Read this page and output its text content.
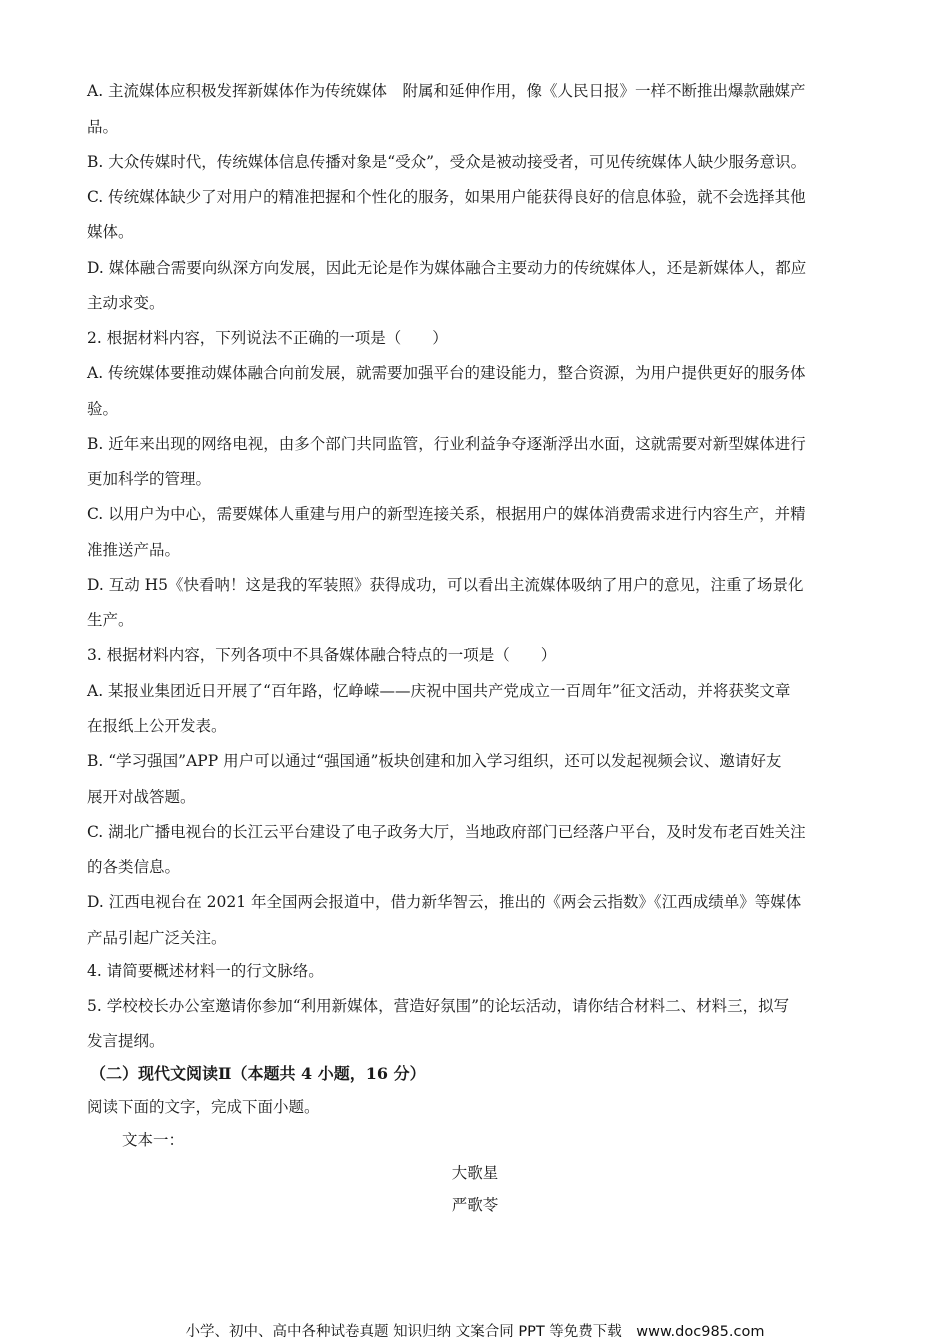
A. 主流媒体应积极发挥新媒体作为传统媒体　附属和延伸作用，像《人民日报》一样不断推出爆款融媒产
品。
B. 大众传媒时代，传统媒体信息传播对象是“受众”，受众是被动接受者，可见传统媒体人缺少服务意识。
C. 传统媒体缺少了对用户的精准把握和个性化的服务，如果用户能获得良好的信息体验，就不会选择其他
媒体。
D. 媒体融合需要向纵深方向发展，因此无论是作为媒体融合主要动力的传统媒体人，还是新媒体人，都应
主动求变。
2. 根据材料内容，下列说法不正确的一项是（　　）
A. 传统媒体要推动媒体融合向前发展，就需要加强平台的建设能力，整合资源，为用户提供更好的服务体
验。
B. 近年来出现的网络电视，由多个部门共同监管，行业利益争夺逐渐浮出水面，这就需要对新型媒体进行
更加科学的管理。
C. 以用户为中心，需要媒体人重建与用户的新型连接关系，根据用户的媒体消费需求进行内容生产，并精
准推送产品。
D. 互动 H5《快看呐！这是我的军装照》获得成功，可以看出主流媒体吸纳了用户的意见，注重了场景化
生产。
3. 根据材料内容，下列各项中不具备媒体融合特点的一项是（　　）
A. 某报业集团近日开展了“百年路，忆峥嵘——庆祝中国共产党成立一百周年”征文活动，并将获奖文章
在报纸上公开发表。
B. “学习强国”APP 用户可以通过“强国通”板块创建和加入学习组织，还可以发起视频会议、邀请好友
展开对战答题。
C. 湖北广播电视台的长江云平台建设了电子政务大厅，当地政府部门已经落户平台，及时发布老百姓关注
的各类信息。
D. 江西电视台在 2021 年全国两会报道中，借力新华智云，推出的《两会云指数》《江西成绩单》等媒体
产品引起广泛关注。
4. 请简要概述材料一的行文脉络。
5. 学校校长办公室邀请你参加“利用新媒体，营造好氛围”的论坛活动，请你结合材料二、材料三，拟写
发言提纲。
（二）现代文阅读Ⅱ（本题共 4 小题，16 分）
阅读下面的文字，完成下面小题。
文本一：
大歌星
严歌苓
小学、初中、高中各种试卷真题 知识归纳 文案合同 PPT 等免费下载　www.doc985.com
